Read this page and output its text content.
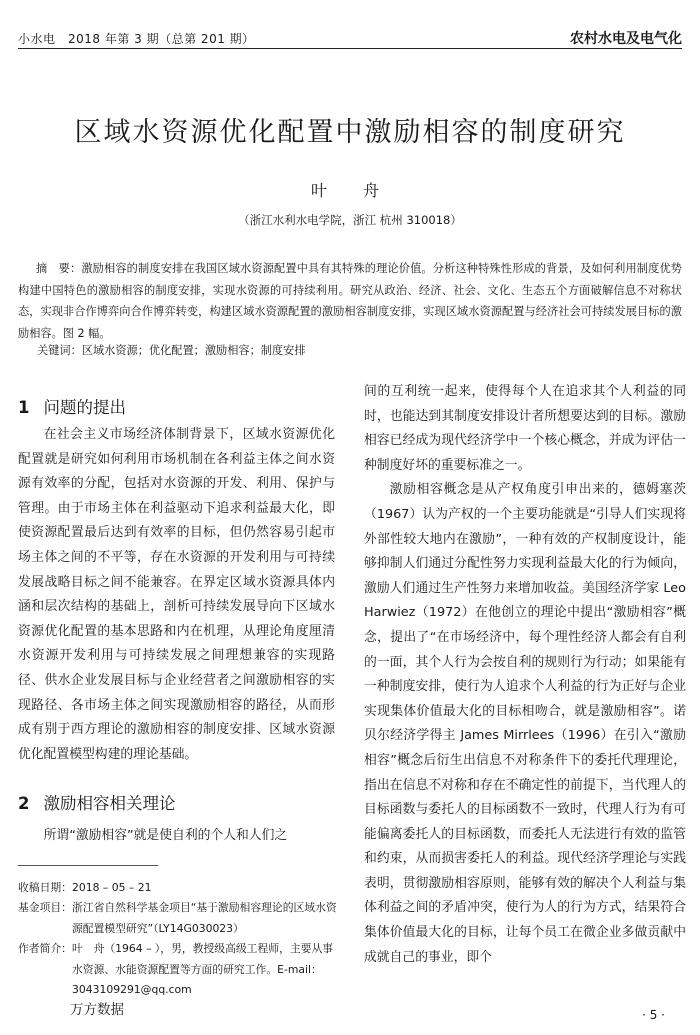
小水电　2018 年第 3 期（总第 201 期）	农村水电及电气化
区域水资源优化配置中激励相容的制度研究
叶　舟
（浙江水利水电学院，浙江 杭州 310018）
摘　要：激励相容的制度安排在我国区域水资源配置中具有其特殊的理论价值。分析这种特殊性形成的背景，及如何利用制度优势构建中国特色的激励相容的制度安排，实现水资源的可持续利用。研究从政治、经济、社会、文化、生态五个方面破解信息不对称状态，实现非合作博弈向合作博弈转变，构建区域水资源配置的激励相容制度安排，实现区域水资源配置与经济社会可持续发展目标的激励相容。图 2 幅。
关键词：区域水资源；优化配置；激励相容；制度安排
1 问题的提出

在社会主义市场经济体制背景下，区域水资源优化配置就是研究如何利用市场机制在各利益主体之间水资源有效率的分配，包括对水资源的开发、利用、保护与管理。由于市场主体在利益驱动下追求利益最大化，即使资源配置最后达到有效率的目标，但仍然容易引起市场主体之间的不平等，存在水资源的开发利用与可持续发展战略目标之间不能兼容。在界定区域水资源具体内涵和层次结构的基础上，剖析可持续发展导向下区域水资源优化配置的基本思路和内在机理，从理论角度厘清水资源开发利用与可持续发展之间理想兼容的实现路径、供水企业发展目标与企业经营者之间激励相容的实现路径、各市场主体之间实现激励相容的路径，从而形成有别于西方理论的激励相容的制度安排、区域水资源优化配置模型构建的理论基础。

2 激励相容相关理论

所谓“激励相容”就是使自利的个人和人们之

间的互利统一起来，使得每个人在追求其个人利益的同时，也能达到其制度安排设计者所想要达到的目标。激励相容已经成为现代经济学中一个核心概念，并成为评估一种制度好坏的重要标准之一。

激励相容概念是从产权角度引申出来的，德姆塞茨（1967）认为产权的一个主要功能就是“引导人们实现将外部性较大地内在激励”，一种有效的产权制度设计，能够抑制人们通过分配性努力实现利益最大化的行为倾向，激励人们通过生产性努力来增加收益。美国经济学家 Leo Harwiez（1972）在他创立的理论中提出“激励相容”概念，提出了“在市场经济中，每个理性经济人都会有自利的一面，其个人行为会按自利的规则行为行动；如果能有一种制度安排，使行为人追求个人利益的行为正好与企业实现集体价值最大化的目标相吻合，就是激励相容”。诺贝尔经济学得主 James Mirrlees（1996）在引入“激励相容”概念后衍生出信息不对称条件下的委托代理理论，指出在信息不对称和存在不确定性的前提下，当代理人的目标函数与委托人的目标函数不一致时，代理人行为有可能偏离委托人的目标函数，而委托人无法进行有效的监管和约束，从而损害委托人的利益。现代经济学理论与实践表明，贯彻激励相容原则，能够有效的解决个人利益与集体利益之间的矛盾冲突，使行为人的行为方式，结果符合集体价值最大化的目标，让每个员工在微企业多做贡献中成就自己的事业，即个

收稿日期： 2018 – 05 – 21
基金项目： 浙江省自然科学基金项目“基于激励相容理论的区域水资源配置模型研究”（LY14G030023）
作者简介： 叶　舟（1964 – ），男，教授级高级工程师，主要从事水资源、水能资源配置等方面的研究工作。E-mail：3043109291@qq.com
万方数据	· 5 ·
